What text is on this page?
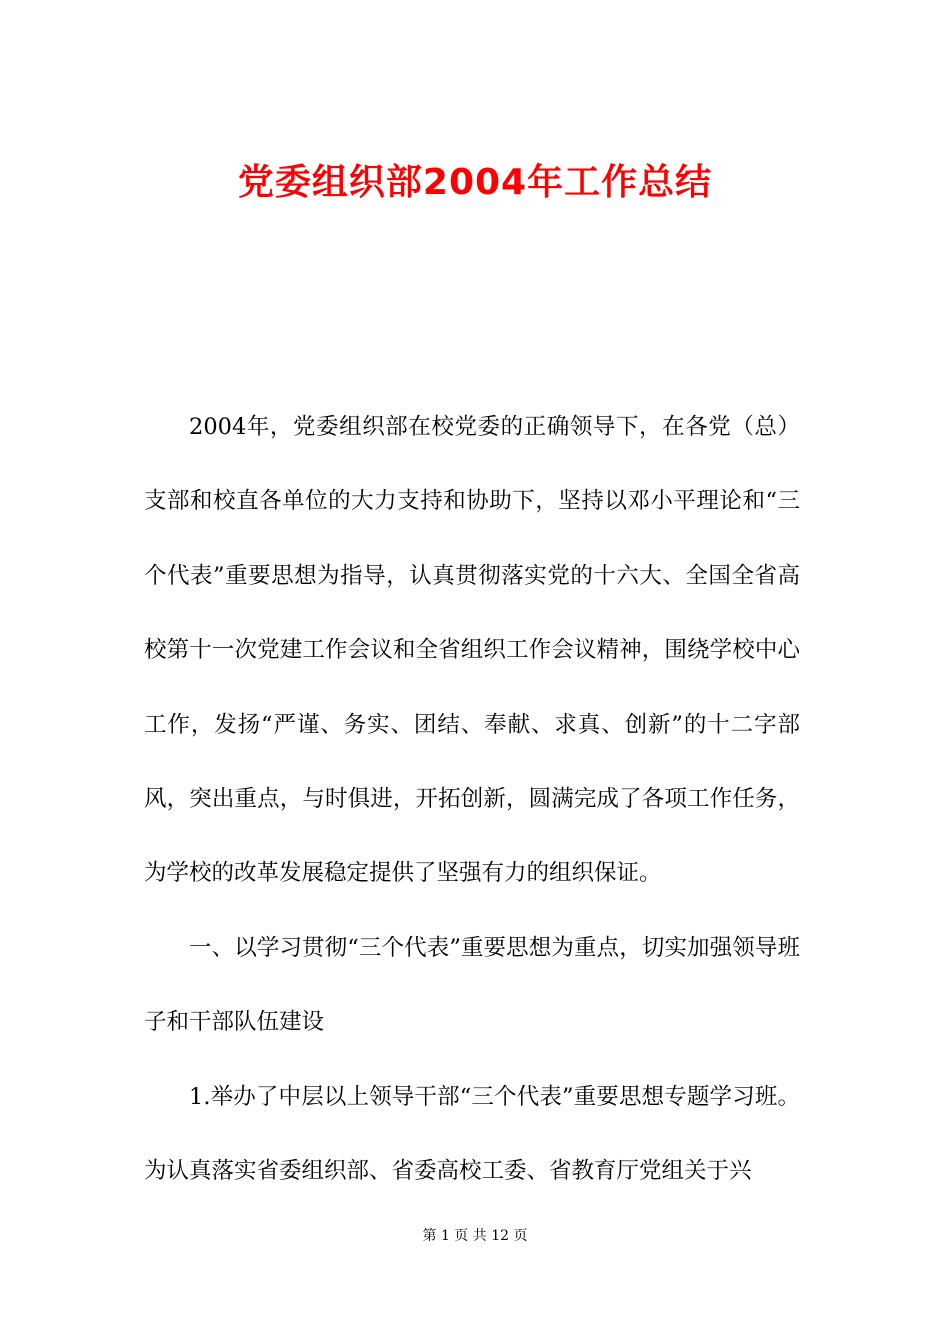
党委组织部2004年工作总结

2004年，党委组织部在校党委的正确领导下，在各党（总）支部和校直各单位的大力支持和协助下，坚持以邓小平理论和“三个代表”重要思想为指导，认真贯彻落实党的十六大、全国全省高校第十一次党建工作会议和全省组织工作会议精神，围绕学校中心工作，发扬“严谨、务实、团结、奉献、求真、创新”的十二字部风，突出重点，与时俱进，开拓创新，圆满完成了各项工作任务，为学校的改革发展稳定提供了坚强有力的组织保证。

一、以学习贯彻“三个代表”重要思想为重点，切实加强领导班子和干部队伍建设

1.举办了中层以上领导干部“三个代表”重要思想专题学习班。为认真落实省委组织部、省委高校工委、省教育厅党组关于兴

第 1 页 共 12 页
